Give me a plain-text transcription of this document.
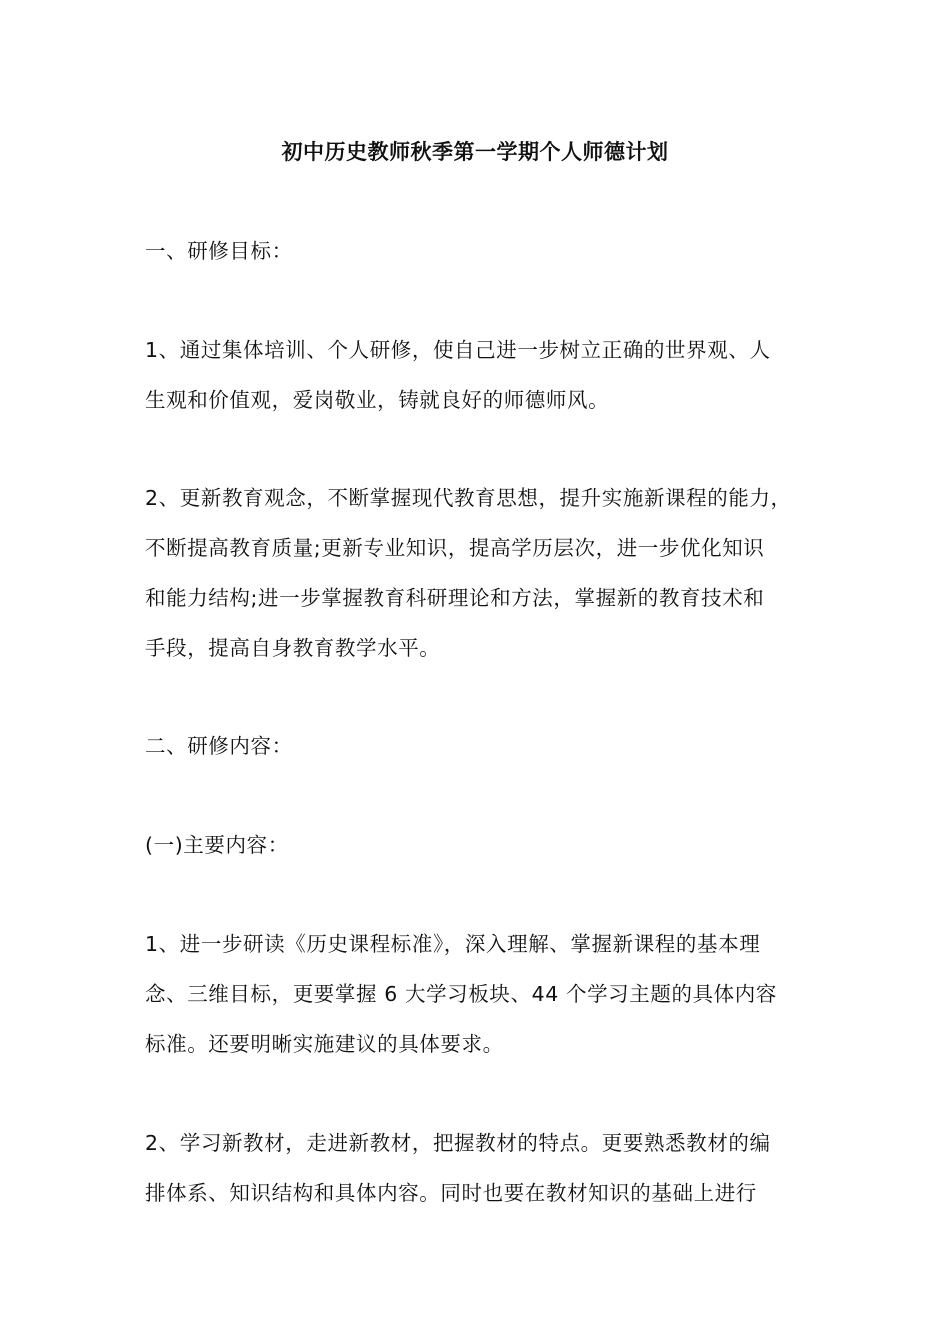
初中历史教师秋季第一学期个人师德计划
一、研修目标：
1、通过集体培训、个人研修，使自己进一步树立正确的世界观、人
生观和价值观，爱岗敬业，铸就良好的师德师风。
2、更新教育观念，不断掌握现代教育思想，提升实施新课程的能力，
不断提高教育质量;更新专业知识，提高学历层次，进一步优化知识
和能力结构;进一步掌握教育科研理论和方法，掌握新的教育技术和
手段，提高自身教育教学水平。
二、研修内容：
(一)主要内容：
1、进一步研读《历史课程标准》，深入理解、掌握新课程的基本理
念、三维目标，更要掌握 6 大学习板块、44 个学习主题的具体内容
标准。还要明晰实施建议的具体要求。
2、学习新教材，走进新教材，把握教材的特点。更要熟悉教材的编
排体系、知识结构和具体内容。同时也要在教材知识的基础上进行
